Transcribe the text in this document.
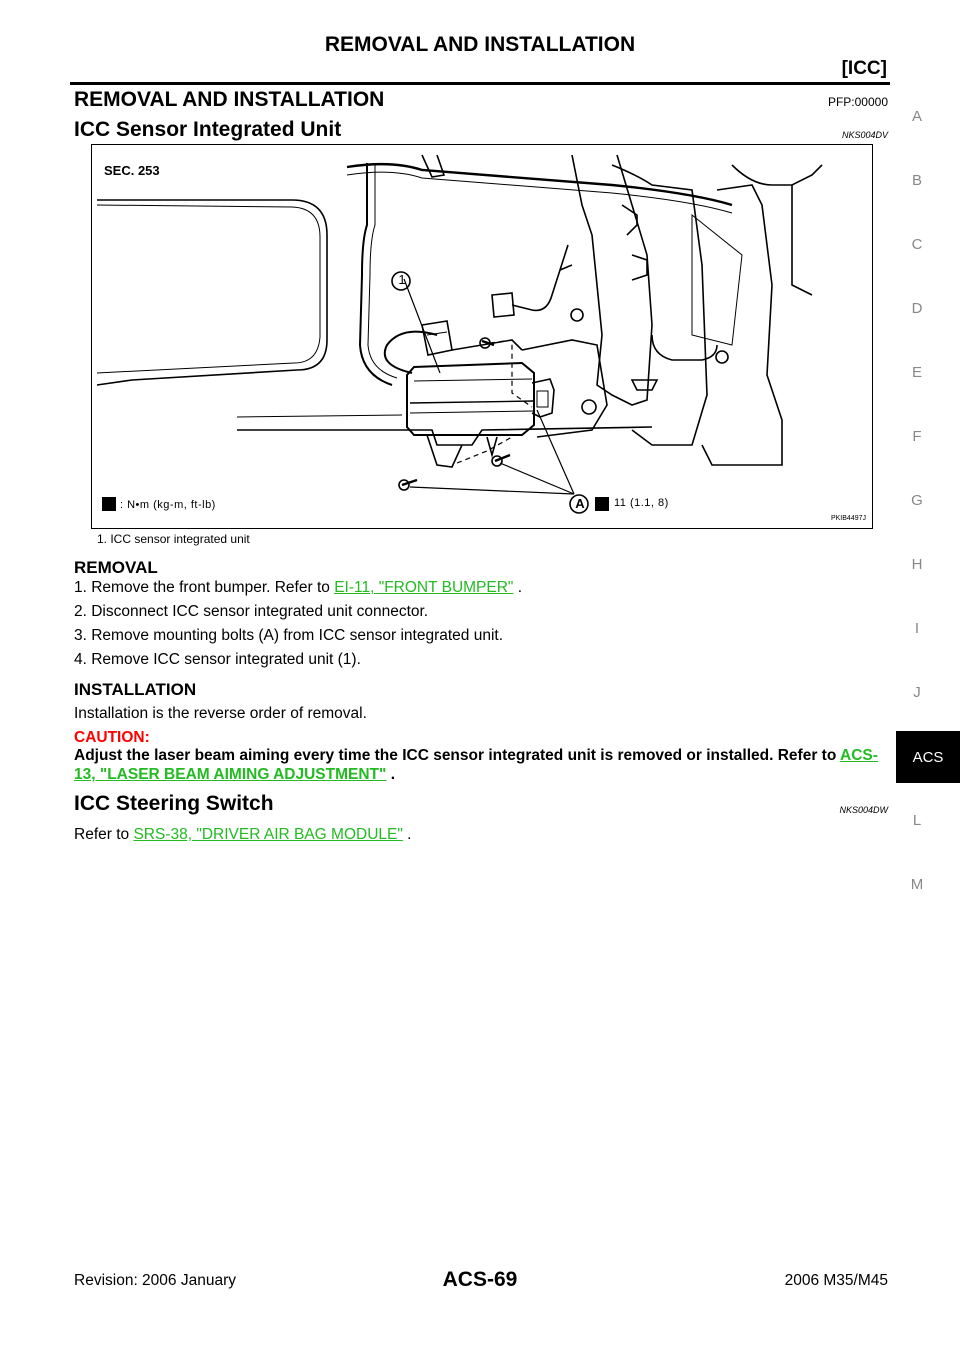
REMOVAL AND INSTALLATION
[ICC]
REMOVAL AND INSTALLATION	PFP:00000
ICC Sensor Integrated Unit	NKS004DV
SEC. 253
1
A
: N•m (kg-m, ft-lb)	11 (1.1, 8)
PKIB4497J
1. ICC sensor integrated unit
REMOVAL
1. Remove the front bumper. Refer to EI-11, "FRONT BUMPER" .
2. Disconnect ICC sensor integrated unit connector.
3. Remove mounting bolts (A) from ICC sensor integrated unit.
4. Remove ICC sensor integrated unit (1).
INSTALLATION
Installation is the reverse order of removal.
CAUTION:
Adjust the laser beam aiming every time the ICC sensor integrated unit is removed or installed. Refer to ACS-13, "LASER BEAM AIMING ADJUSTMENT" .
ICC Steering Switch	NKS004DW
Refer to SRS-38, "DRIVER AIR BAG MODULE" .
A
B
C
D
E
F
G
H
I
J
ACS
L
M
Revision: 2006 January	ACS-69	2006 M35/M45
